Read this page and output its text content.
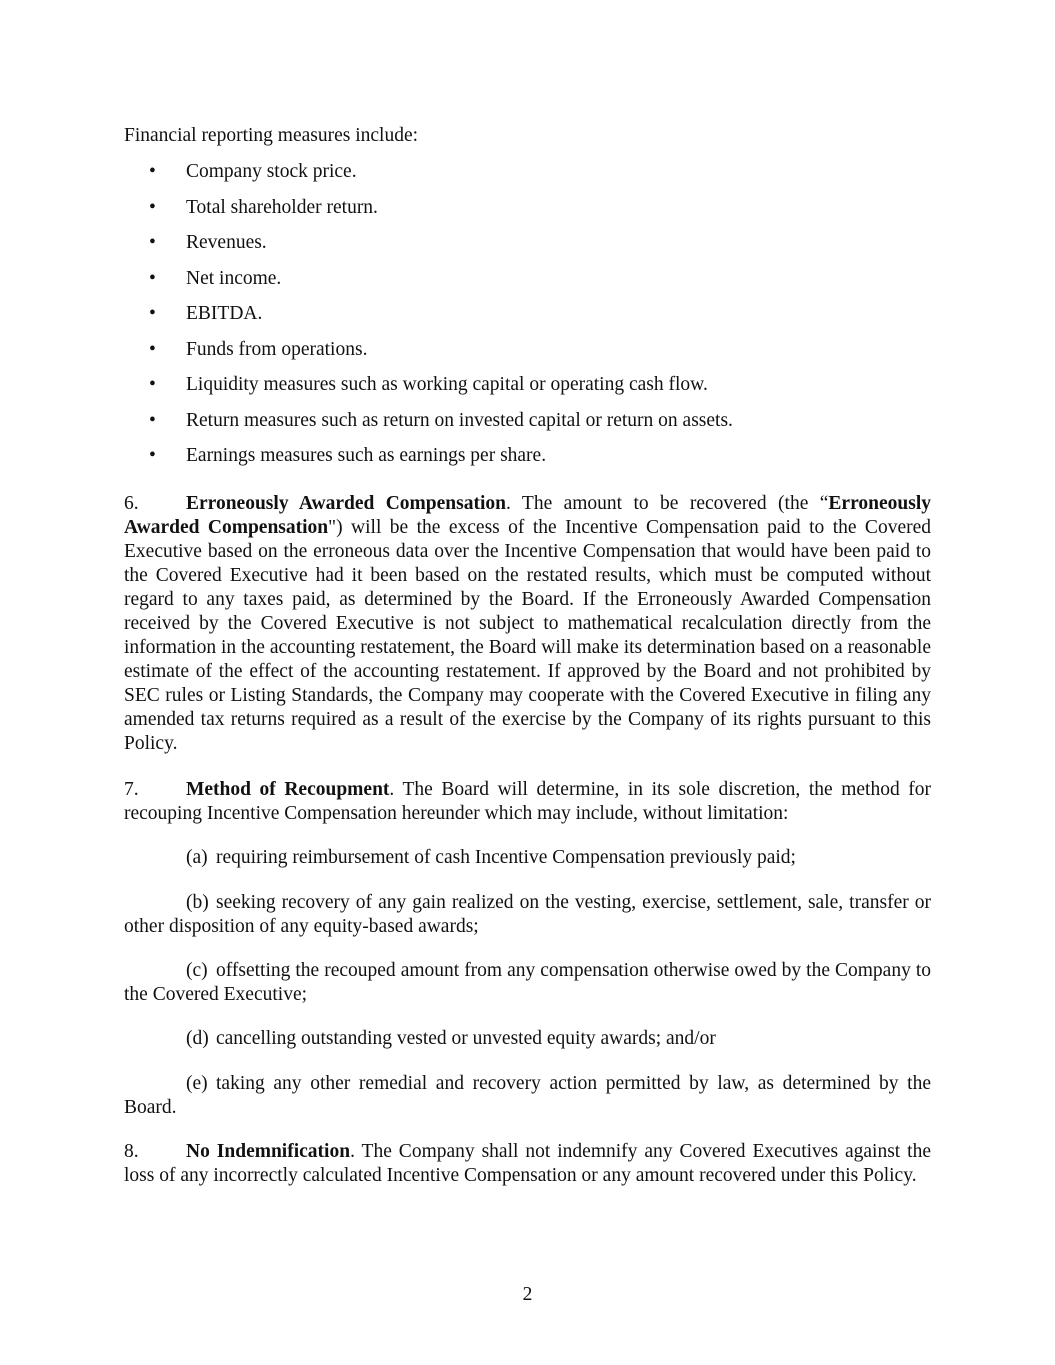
Financial reporting measures include:

• Company stock price.
• Total shareholder return.
• Revenues.
• Net income.
• EBITDA.
• Funds from operations.
• Liquidity measures such as working capital or operating cash flow.
• Return measures such as return on invested capital or return on assets.
• Earnings measures such as earnings per share.

6. Erroneously Awarded Compensation. The amount to be recovered (the “Erroneously Awarded Compensation") will be the excess of the Incentive Compensation paid to the Covered Executive based on the erroneous data over the Incentive Compensation that would have been paid to the Covered Executive had it been based on the restated results, which must be computed without regard to any taxes paid, as determined by the Board. If the Erroneously Awarded Compensation received by the Covered Executive is not subject to mathematical recalculation directly from the information in the accounting restatement, the Board will make its determination based on a reasonable estimate of the effect of the accounting restatement. If approved by the Board and not prohibited by SEC rules or Listing Standards, the Company may cooperate with the Covered Executive in filing any amended tax returns required as a result of the exercise by the Company of its rights pursuant to this Policy.

7. Method of Recoupment. The Board will determine, in its sole discretion, the method for recouping Incentive Compensation hereunder which may include, without limitation:

(a) requiring reimbursement of cash Incentive Compensation previously paid;

(b) seeking recovery of any gain realized on the vesting, exercise, settlement, sale, transfer or other disposition of any equity-based awards;

(c) offsetting the recouped amount from any compensation otherwise owed by the Company to the Covered Executive;

(d) cancelling outstanding vested or unvested equity awards; and/or

(e) taking any other remedial and recovery action permitted by law, as determined by the Board.

8. No Indemnification. The Company shall not indemnify any Covered Executives against the loss of any incorrectly calculated Incentive Compensation or any amount recovered under this Policy.

2
